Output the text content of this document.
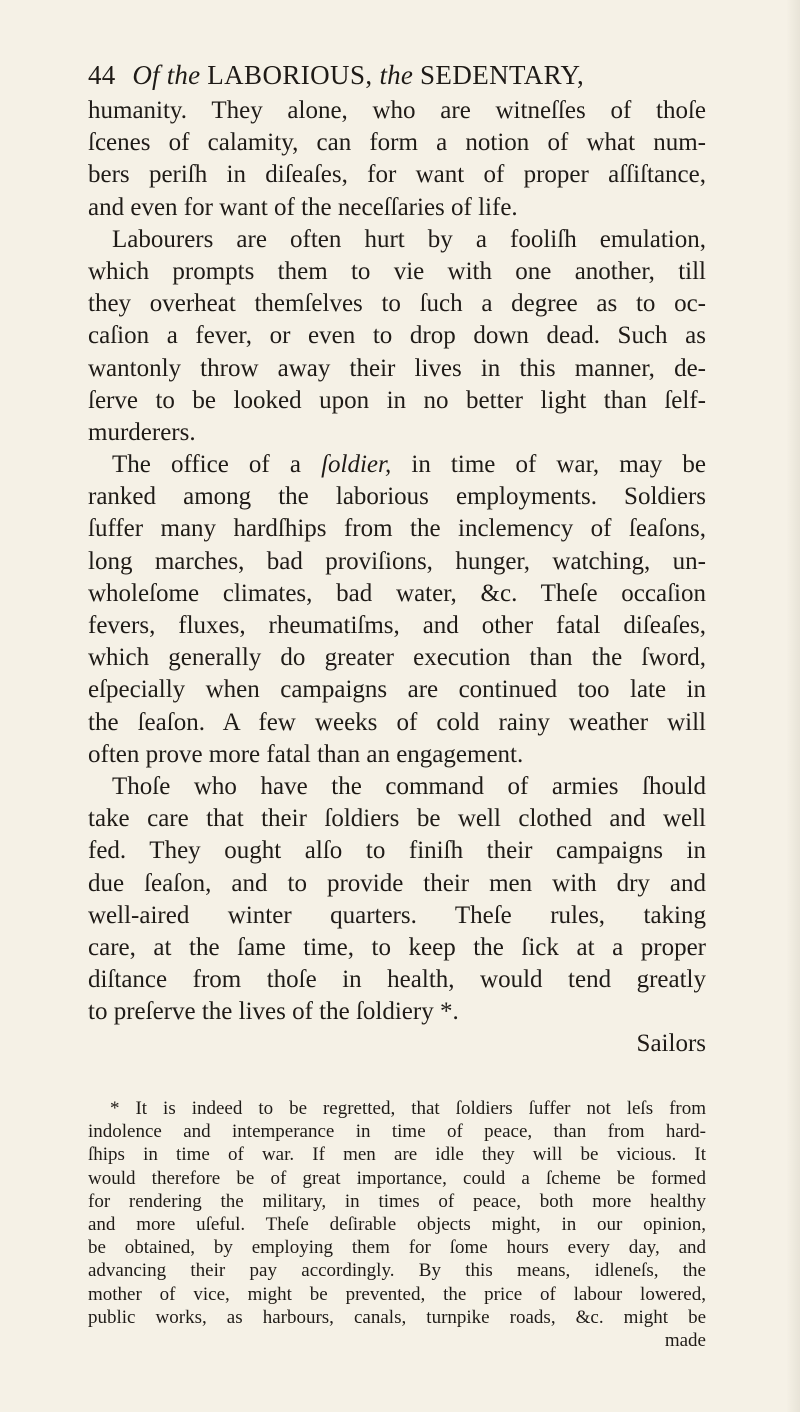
44 Of the LABORIOUS, the SEDENTARY,
humanity. They alone, who are witneſſes of thoſe
ſcenes of calamity, can form a notion of what num-
bers periſh in diſeaſes, for want of proper aſſiſtance,
and even for want of the neceſſaries of life.
Labourers are often hurt by a fooliſh emulation,
which prompts them to vie with one another, till
they overheat themſelves to ſuch a degree as to oc-
caſion a fever, or even to drop down dead. Such as
wantonly throw away their lives in this manner, de-
ſerve to be looked upon in no better light than ſelf-
murderers.
The office of a ſoldier, in time of war, may be
ranked among the laborious employments. Soldiers
ſuffer many hardſhips from the inclemency of ſeaſons,
long marches, bad proviſions, hunger, watching, un-
wholeſome climates, bad water, &c. Theſe occaſion
fevers, fluxes, rheumatiſms, and other fatal diſeaſes,
which generally do greater execution than the ſword,
eſpecially when campaigns are continued too late in
the ſeaſon. A few weeks of cold rainy weather will
often prove more fatal than an engagement.
Thoſe who have the command of armies ſhould
take care that their ſoldiers be well clothed and well
fed. They ought alſo to finiſh their campaigns in
due ſeaſon, and to provide their men with dry and
well-aired winter quarters. Theſe rules, taking
care, at the ſame time, to keep the ſick at a proper
diſtance from thoſe in health, would tend greatly
to preſerve the lives of the ſoldiery *.
Sailors
* It is indeed to be regretted, that ſoldiers ſuffer not leſs from
indolence and intemperance in time of peace, than from hard-
ſhips in time of war. If men are idle they will be vicious. It
would therefore be of great importance, could a ſcheme be formed
for rendering the military, in times of peace, both more healthy
and more uſeful. Theſe deſirable objects might, in our opinion,
be obtained, by employing them for ſome hours every day, and
advancing their pay accordingly. By this means, idleneſs, the
mother of vice, might be prevented, the price of labour lowered,
public works, as harbours, canals, turnpike roads, &c. might be
made
